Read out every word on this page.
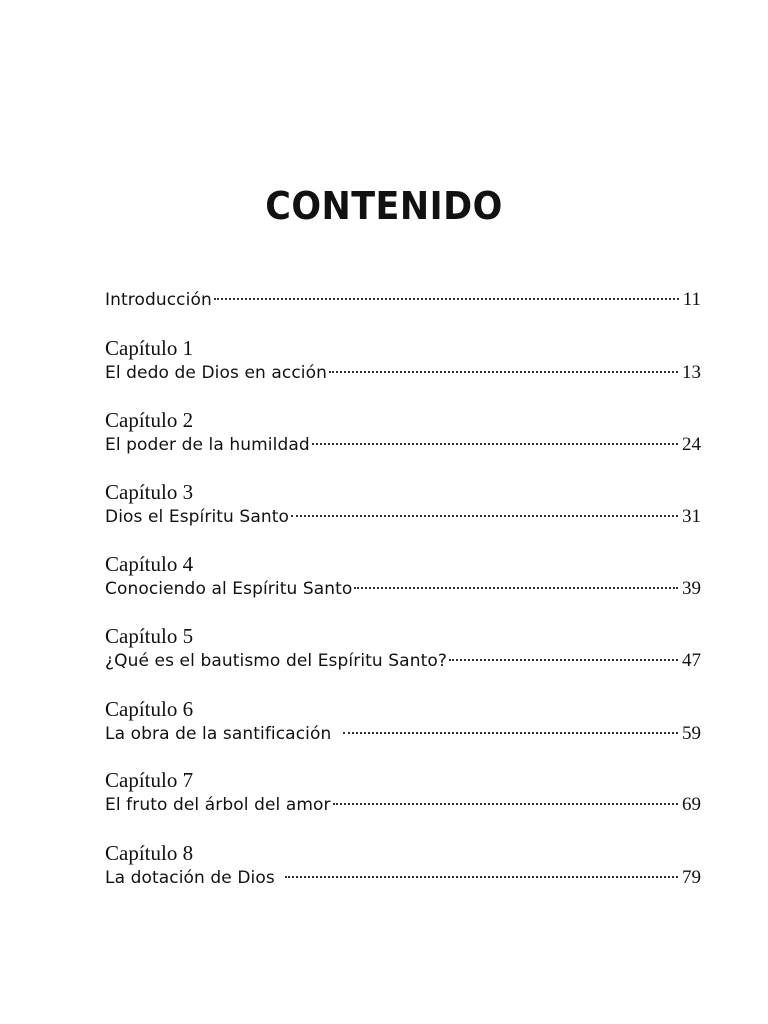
CONTENIDO
Introducción	11
Capítulo 1
El dedo de Dios en acción	13
Capítulo 2
El poder de la humildad	24
Capítulo 3
Dios el Espíritu Santo	31
Capítulo 4
Conociendo al Espíritu Santo	39
Capítulo 5
¿Qué es el bautismo del Espíritu Santo?	47
Capítulo 6
La obra de la santificación	59
Capítulo 7
El fruto del árbol del amor	69
Capítulo 8
La dotación de Dios	79
